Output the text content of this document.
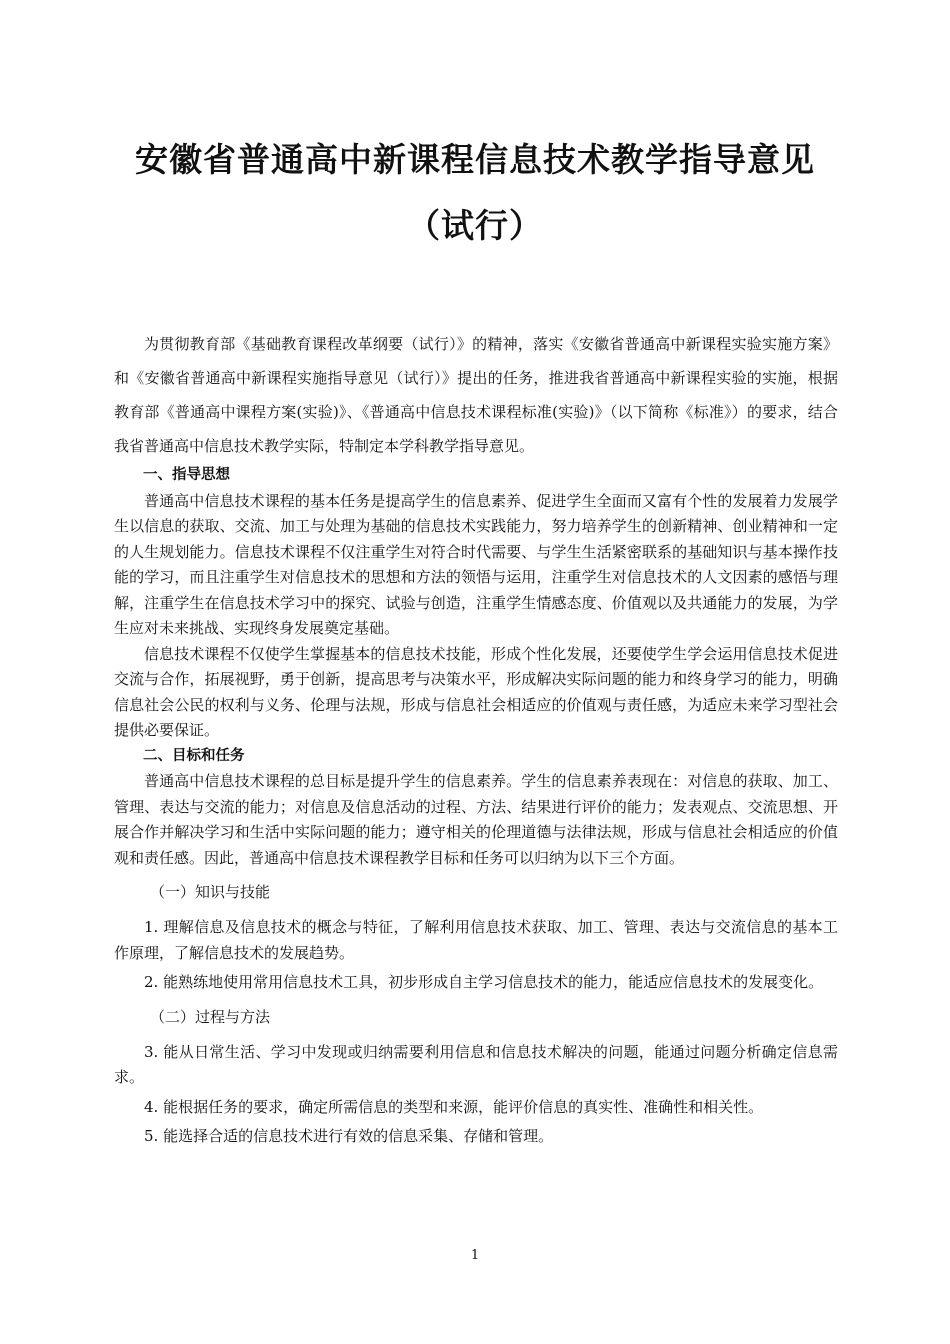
安徽省普通高中新课程信息技术教学指导意见
（试行）

为贯彻教育部《基础教育课程改革纲要（试行）》的精神，落实《安徽省普通高中新课程实验实施方案》和《安徽省普通高中新课程实施指导意见（试行）》提出的任务，推进我省普通高中新课程实验的实施，根据教育部《普通高中课程方案(实验)》、《普通高中信息技术课程标准(实验)》（以下简称《标准》）的要求，结合我省普通高中信息技术教学实际，特制定本学科教学指导意见。

一、指导思想

普通高中信息技术课程的基本任务是提高学生的信息素养、促进学生全面而又富有个性的发展着力发展学生以信息的获取、交流、加工与处理为基础的信息技术实践能力，努力培养学生的创新精神、创业精神和一定的人生规划能力。信息技术课程不仅注重学生对符合时代需要、与学生生活紧密联系的基础知识与基本操作技能的学习，而且注重学生对信息技术的思想和方法的领悟与运用，注重学生对信息技术的人文因素的感悟与理解，注重学生在信息技术学习中的探究、试验与创造，注重学生情感态度、价值观以及共通能力的发展，为学生应对未来挑战、实现终身发展奠定基础。

信息技术课程不仅使学生掌握基本的信息技术技能，形成个性化发展，还要使学生学会运用信息技术促进交流与合作，拓展视野，勇于创新，提高思考与决策水平，形成解决实际问题的能力和终身学习的能力，明确信息社会公民的权利与义务、伦理与法规，形成与信息社会相适应的价值观与责任感，为适应未来学习型社会提供必要保证。

二、目标和任务

普通高中信息技术课程的总目标是提升学生的信息素养。学生的信息素养表现在：对信息的获取、加工、管理、表达与交流的能力；对信息及信息活动的过程、方法、结果进行评价的能力；发表观点、交流思想、开展合作并解决学习和生活中实际问题的能力；遵守相关的伦理道德与法律法规，形成与信息社会相适应的价值观和责任感。因此，普通高中信息技术课程教学目标和任务可以归纳为以下三个方面。

（一）知识与技能

1. 理解信息及信息技术的概念与特征，了解利用信息技术获取、加工、管理、表达与交流信息的基本工作原理，了解信息技术的发展趋势。

2. 能熟练地使用常用信息技术工具，初步形成自主学习信息技术的能力，能适应信息技术的发展变化。

（二）过程与方法

3. 能从日常生活、学习中发现或归纳需要利用信息和信息技术解决的问题，能通过问题分析确定信息需求。

4. 能根据任务的要求，确定所需信息的类型和来源，能评价信息的真实性、准确性和相关性。

5. 能选择合适的信息技术进行有效的信息采集、存储和管理。

1
